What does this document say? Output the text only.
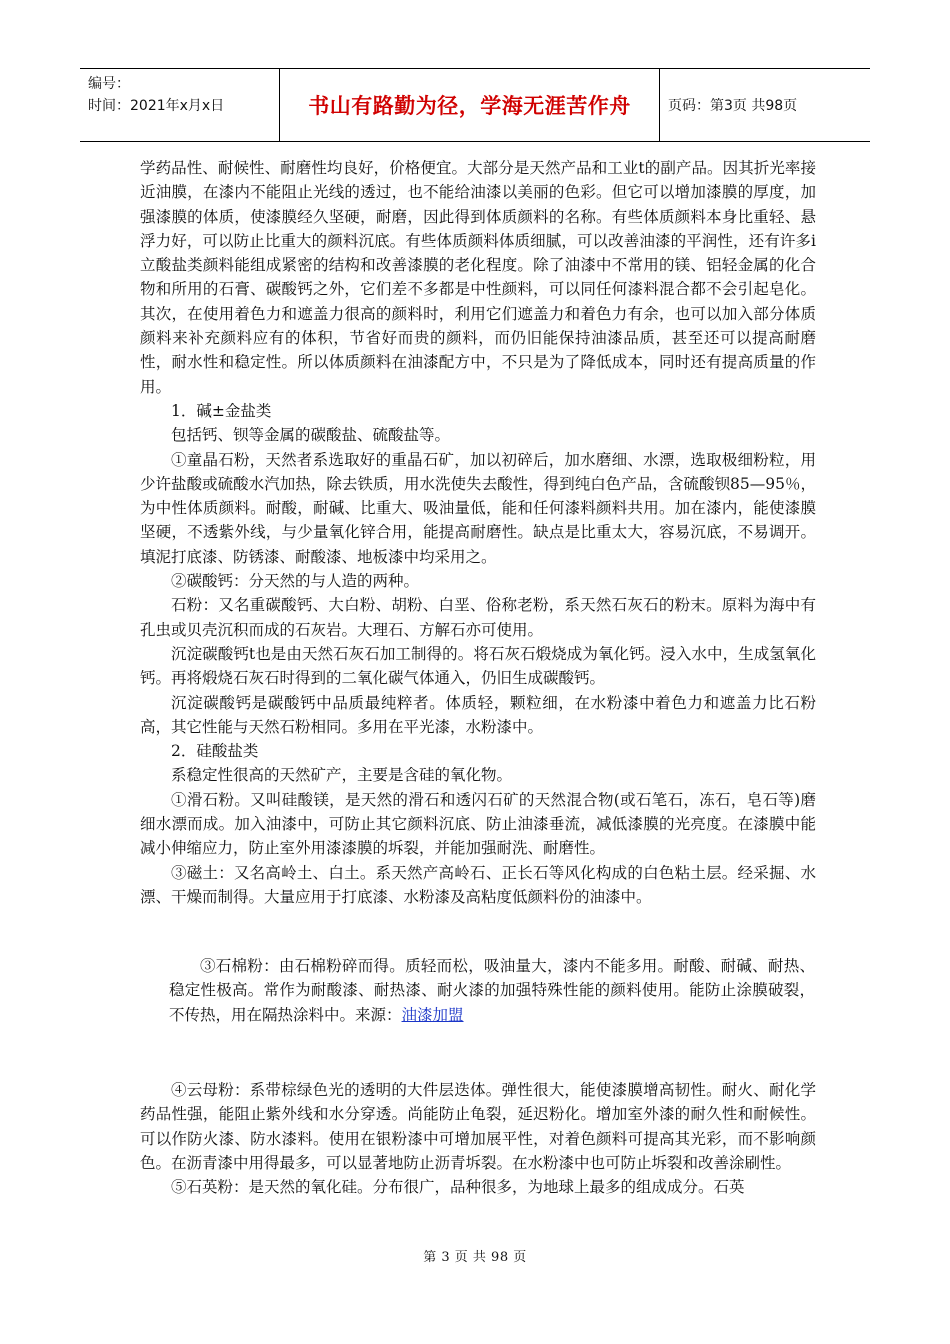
编号：
时间：2021年x月x日	书山有路勤为径，学海无涯苦作舟	页码：第3页 共98页

学药品性、耐候性、耐磨性均良好，价格便宜。大部分是天然产品和工业t的副产品。因其折光率接近油膜，在漆内不能阻止光线的透过，也不能给油漆以美丽的色彩。但它可以增加漆膜的厚度，加强漆膜的体质，使漆膜经久坚硬，耐磨，因此得到体质颜料的名称。有些体质颜料本身比重轻、悬浮力好，可以防止比重大的颜料沉底。有些体质颜料体质细腻，可以改善油漆的平润性，还有许多i立酸盐类颜料能组成紧密的结构和改善漆膜的老化程度。除了油漆中不常用的镁、铝轻金属的化合物和所用的石膏、碳酸钙之外，它们差不多都是中性颜料，可以同任何漆料混合都不会引起皂化。其次，在使用着色力和遮盖力很高的颜料时，利用它们遮盖力和着色力有余，也可以加入部分体质颜料来补充颜料应有的体积，节省好而贵的颜料，而仍旧能保持油漆品质，甚至还可以提高耐磨性，耐水性和稳定性。所以体质颜料在油漆配方中，不只是为了降低成本，同时还有提高质量的作用。

1．碱±金盐类

包括钙、钡等金属的碳酸盐、硫酸盐等。

①童晶石粉，天然者系选取好的重晶石矿，加以初碎后，加水磨细、水漂，选取极细粉粒，用少许盐酸或硫酸水汽加热，除去铁质，用水洗使失去酸性，得到纯白色产品，含硫酸钡85—95％，为中性体质颜料。耐酸，耐碱、比重大、吸油量低，能和任何漆料颜料共用。加在漆内，能使漆膜坚硬，不透紫外线，与少量氧化锌合用，能提高耐磨性。缺点是比重太大，容易沉底，不易调开。填泥打底漆、防锈漆、耐酸漆、地板漆中均采用之。

②碳酸钙：分天然的与人造的两种。

石粉：又名重碳酸钙、大白粉、胡粉、白垩、俗称老粉，系天然石灰石的粉末。原料为海中有孔虫或贝壳沉积而成的石灰岩。大理石、方解石亦可使用。

沉淀碳酸钙t也是由天然石灰石加工制得的。将石灰石煅烧成为氧化钙。浸入水中，生成氢氧化钙。再将煅烧石灰石时得到的二氧化碳气体通入，仍旧生成碳酸钙。

沉淀碳酸钙是碳酸钙中品质最纯粹者。体质轻，颗粒细，在水粉漆中着色力和遮盖力比石粉高，其它性能与天然石粉相同。多用在平光漆，水粉漆中。

2．硅酸盐类

系稳定性很高的天然矿产，主要是含硅的氧化物。

①滑石粉。又叫硅酸镁，是天然的滑石和透闪石矿的天然混合物(或石笔石，冻石，皂石等)磨细水漂而成。加入油漆中，可防止其它颜料沉底、防止油漆垂流，减低漆膜的光亮度。在漆膜中能减小伸缩应力，防止室外用漆漆膜的坼裂，并能加强耐洗、耐磨性。

③磁土：又名高岭土、白土。系天然产高岭石、正长石等风化构成的白色粘土层。经采掘、水漂、干燥而制得。大量应用于打底漆、水粉漆及高粘度低颜料份的油漆中。

③石棉粉：由石棉粉碎而得。质轻而松，吸油量大，漆内不能多用。耐酸、耐碱、耐热、稳定性极高。常作为耐酸漆、耐热漆、耐火漆的加强特殊性能的颜料使用。能防止涂膜破裂，不传热，用在隔热涂料中。来源：油漆加盟

④云母粉：系带棕绿色光的透明的大件层迭体。弹性很大，能使漆膜增高韧性。耐火、耐化学药品性强，能阻止紫外线和水分穿透。尚能防止龟裂，延迟粉化。增加室外漆的耐久性和耐候性。可以作防火漆、防水漆料。使用在银粉漆中可增加展平性，对着色颜料可提高其光彩，而不影响颜色。在沥青漆中用得最多，可以显著地防止沥青坼裂。在水粉漆中也可防止坼裂和改善涂刷性。

⑤石英粉：是天然的氧化硅。分布很广，品种很多，为地球上最多的组成成分。石英

第 3 页 共 98 页
